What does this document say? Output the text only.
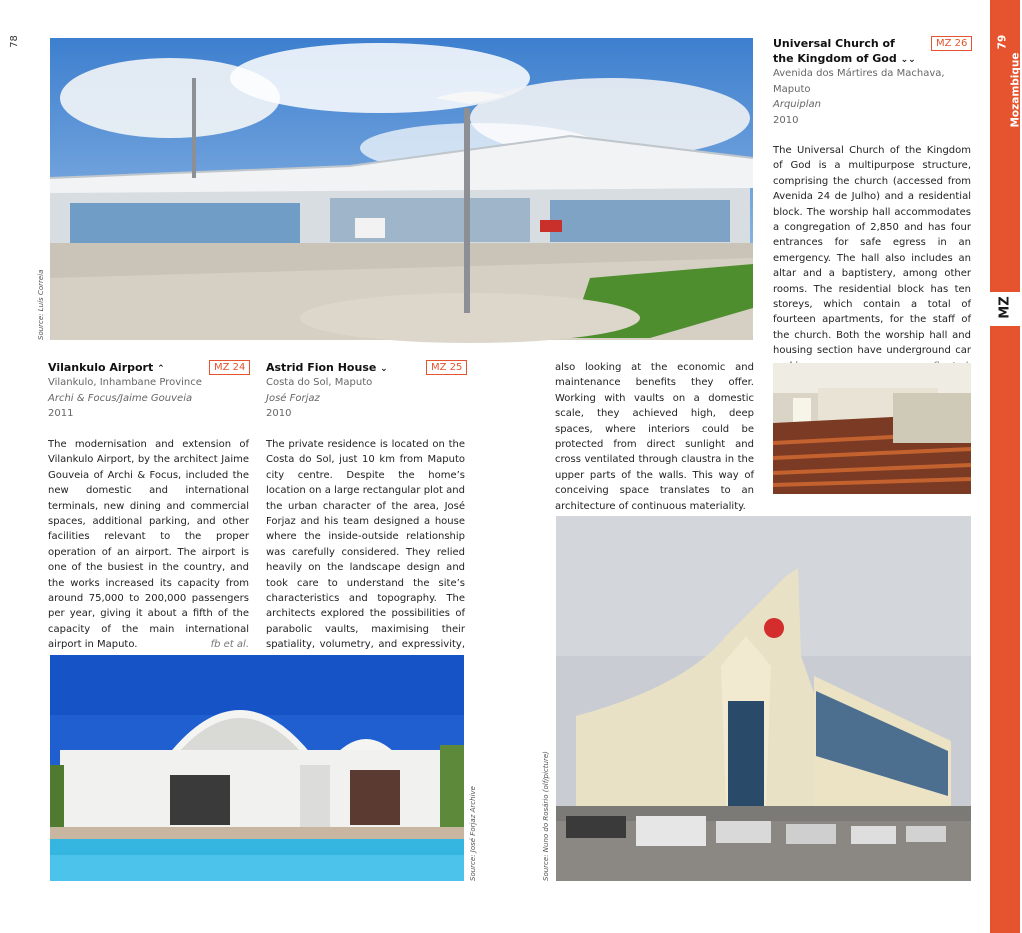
78	79
Mozambique
MZ
Source: Luís Correia
Vilankulo Airport ⌃	MZ 24
Vilankulo, Inhambane Province
Archi & Focus/Jaime Gouveia
2011
The modernisation and extension of Vilankulo Airport, by the architect Jaime Gouveia of Archi & Focus, included the new domestic and international terminals, new dining and commercial spaces, additional parking, and other facilities relevant to the proper operation of an airport. The airport is one of the busiest in the country, and the works increased its capacity from around 75,000 to 200,000 passengers per year, giving it about a fifth of the capacity of the main international airport in Maputo.	fb et al.
Astrid Fion House ⌄	MZ 25
Costa do Sol, Maputo
José Forjaz
2010
The private residence is located on the Costa do Sol, just 10 km from Maputo city centre. Despite the home’s location on a large rectangular plot and the urban character of the area, José Forjaz and his team designed a house where the inside-outside relationship was carefully considered. They relied heavily on the landscape design and took care to understand the site’s characteristics and topography. The architects explored the possibilities of parabolic vaults, maximising their spatiality, volumetry, and expressivity,
also looking at the economic and maintenance benefits they offer. Working with vaults on a domestic scale, they achieved high, deep spaces, where interiors could be protected from direct sunlight and cross ventilated through claustra in the upper parts of the walls. This way of conceiving space translates to an architecture of continuous materiality.
Source: José Forjaz Archive
Universal Church of
the Kingdom of God ⌄⌄
MZ 26
Avenida dos Mártires da Machava,
Maputo
Arquiplan
2010
The Universal Church of the Kingdom of God is a multipurpose structure, comprising the church (accessed from Avenida 24 de Julho) and a residential block. The worship hall accommodates a congregation of 2,850 and has four entrances for safe egress in an emergency. The hall also includes an altar and a baptistery, among other rooms. The residential block has ten storeys, which contain a total of fourteen apartments, for the staff of the church. Both the worship hall and housing section have underground car
Source: Nuno do Rosário (olf/picture)
